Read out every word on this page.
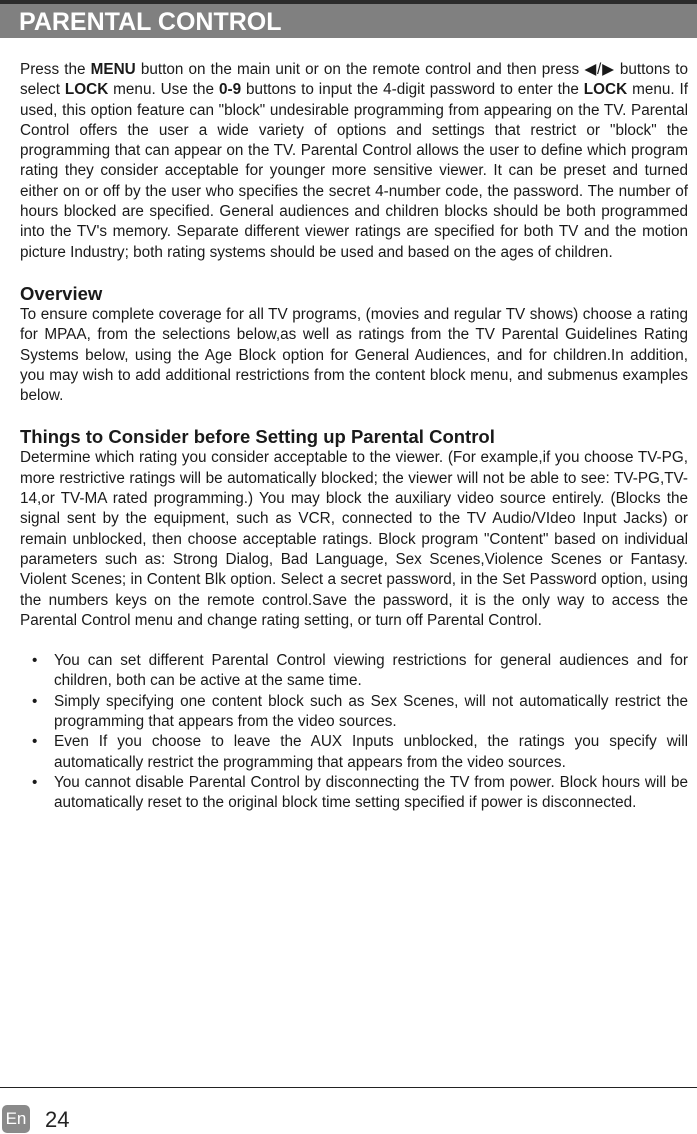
PARENTAL CONTROL

Press the MENU button on the main unit or on the remote control and then press ◀/▶ buttons to select LOCK menu. Use the 0-9 buttons to input the 4-digit password to enter the LOCK menu. If used, this option feature can "block" undesirable programming from appearing on the TV. Parental Control offers the user a wide variety of options and settings that restrict or "block" the programming that can appear on the TV. Parental Control allows the user to define which program rating they consider acceptable for younger more sensitive viewer. It can be preset and turned either on or off by the user who specifies the secret 4-number code, the password. The number of hours blocked are specified. General audiences and children blocks should be both programmed into the TV's memory. Separate different viewer ratings are specified for both TV and the motion picture Industry; both rating systems should be used and based on the ages of children.

Overview

To ensure complete coverage for all TV programs, (movies and regular TV shows) choose a rating for MPAA, from the selections below,as well as ratings from the TV Parental Guidelines Rating Systems below, using the Age Block option for General Audiences, and for children.In addition, you may wish to add additional restrictions from the content block menu, and submenus examples below.

Things to Consider before Setting up Parental Control

Determine which rating you consider acceptable to the viewer. (For example,if you choose TV-PG, more restrictive ratings will be automatically blocked; the viewer will not be able to see: TV-PG,TV-14,or TV-MA rated programming.) You may block the auxiliary video source entirely. (Blocks the signal sent by the equipment, such as VCR, connected to the TV Audio/VIdeo Input Jacks) or remain unblocked, then choose acceptable ratings. Block program "Content" based on individual parameters such as: Strong Dialog, Bad Language, Sex Scenes,Violence Scenes or Fantasy. Violent Scenes; in Content Blk option. Select a secret password, in the Set Password option, using the numbers keys on the remote control.Save the password, it is the only way to access the Parental Control menu and change rating setting, or turn off Parental Control.

• You can set different Parental Control viewing restrictions for general audiences and for children, both can be active at the same time.
• Simply specifying one content block such as Sex Scenes, will not automatically restrict the programming that appears from the video sources.
• Even If you choose to leave the AUX Inputs unblocked, the ratings you specify will automatically restrict the programming that appears from the video sources.
• You cannot disable Parental Control by disconnecting the TV from power. Block hours will be automatically reset to the original block time setting specified if power is disconnected.
En 24
